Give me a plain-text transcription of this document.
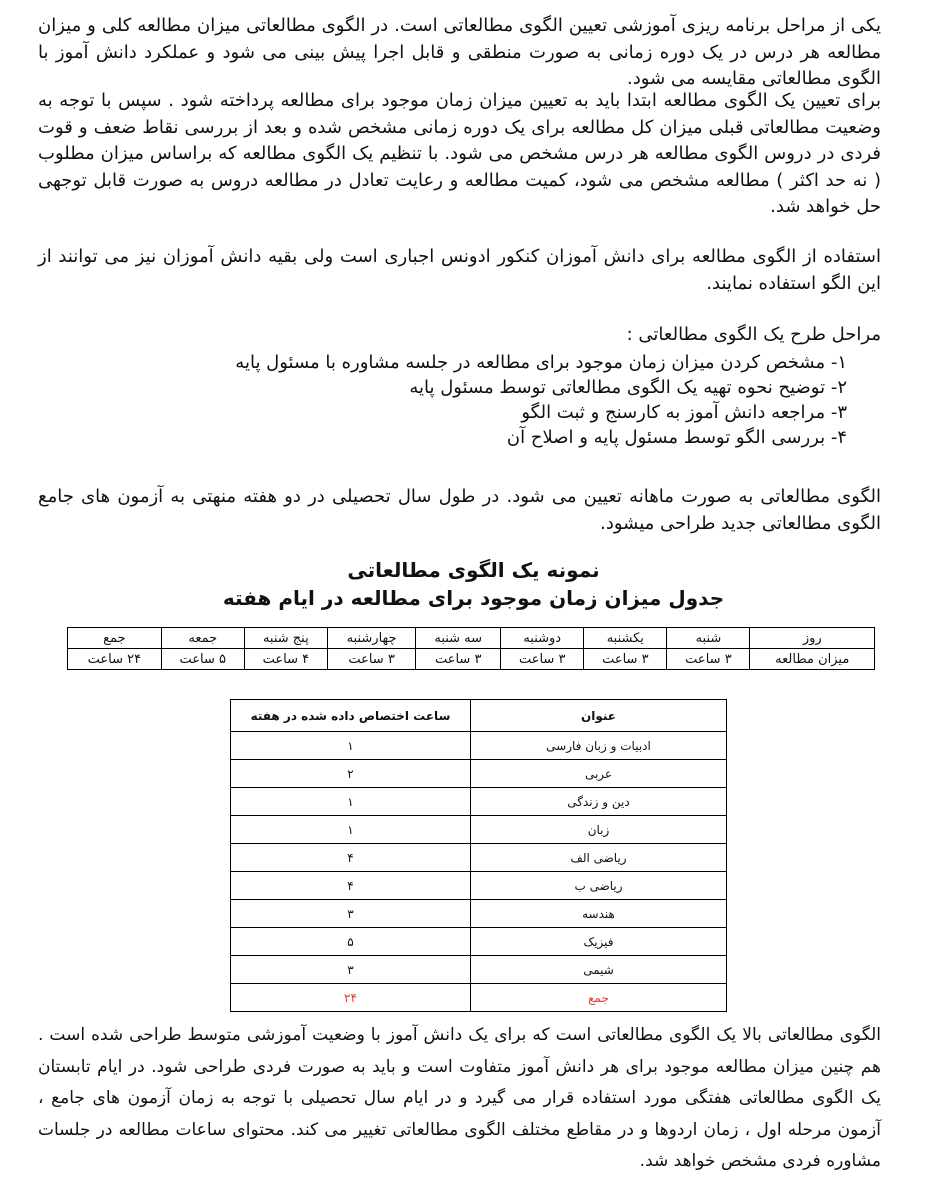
یکی از مراحل برنامه ریزی آموزشی تعیین الگوی مطالعاتی است. در الگوی مطالعاتی میزان مطالعه کلی و میزان مطالعه هر درس در یک دوره زمانی به صورت منطقی و قابل اجرا پیش بینی می شود و عملکرد دانش آموز با الگوی مطالعاتی مقایسه می شود.

برای تعیین یک الگوی مطالعه ابتدا باید به تعیین میزان زمان موجود برای مطالعه پرداخته شود . سپس با توجه به وضعیت مطالعاتی قبلی میزان کل مطالعه برای یک دوره زمانی مشخص شده و بعد از بررسی نقاط ضعف و قوت فردی در دروس الگوی مطالعه هر درس مشخص می شود. با تنظیم یک الگوی مطالعه که براساس میزان مطلوب ( نه حد اکثر ) مطالعه مشخص می شود، کمیت مطالعه و رعایت تعادل در مطالعه دروس به صورت قابل توجهی حل خواهد شد.

استفاده از الگوی مطالعه برای دانش آموزان کنکور ادونس اجباری است ولی بقیه دانش آموزان نیز می توانند از این الگو استفاده نمایند.

مراحل طرح یک الگوی مطالعاتی :

۱- مشخص کردن میزان زمان موجود برای مطالعه در جلسه مشاوره با مسئول پایه
۲- توضیح نحوه تهیه یک الگوی مطالعاتی توسط مسئول پایه
۳- مراجعه دانش آموز به کارسنج و ثبت الگو
۴- بررسی الگو توسط مسئول پایه و اصلاح آن

الگوی مطالعاتی به صورت ماهانه تعیین می شود. در طول سال تحصیلی در دو هفته منهتی به آزمون های جامع الگوی مطالعاتی جدید طراحی میشود.

نمونه یک الگوی مطالعاتی

جدول میزان زمان موجود برای مطالعه در ایام هفته

روز	شنبه	یکشنبه	دوشنبه	سه شنبه	چهارشنبه	پنج شنبه	جمعه	جمع
میزان مطالعه	۳ ساعت	۳ ساعت	۳ ساعت	۳ ساعت	۳ ساعت	۴ ساعت	۵ ساعت	۲۴ ساعت
عنوان	ساعت اختصاص داده شده در هفته
ادبیات و زبان فارسی	۱
عربی	۲
دین و زندگی	۱
زبان	۱
ریاضی الف	۴
ریاضی ب	۴
هندسه	۳
فیزیک	۵
شیمی	۳
جمع	۲۴

الگوی مطالعاتی بالا یک الگوی مطالعاتی است که برای یک دانش آموز با وضعیت آموزشی متوسط طراحی شده است . هم چنین میزان مطالعه موجود برای هر دانش آموز متفاوت است و باید به صورت فردی طراحی شود. در ایام تابستان یک الگوی مطالعاتی هفتگی مورد استفاده قرار می گیرد و در ایام سال تحصیلی با توجه به زمان آزمون های جامع ، آزمون مرحله اول ، زمان اردوها و در مقاطع مختلف الگوی مطالعاتی تغییر می کند. محتوای ساعات مطالعه در جلسات مشاوره فردی مشخص خواهد شد.
